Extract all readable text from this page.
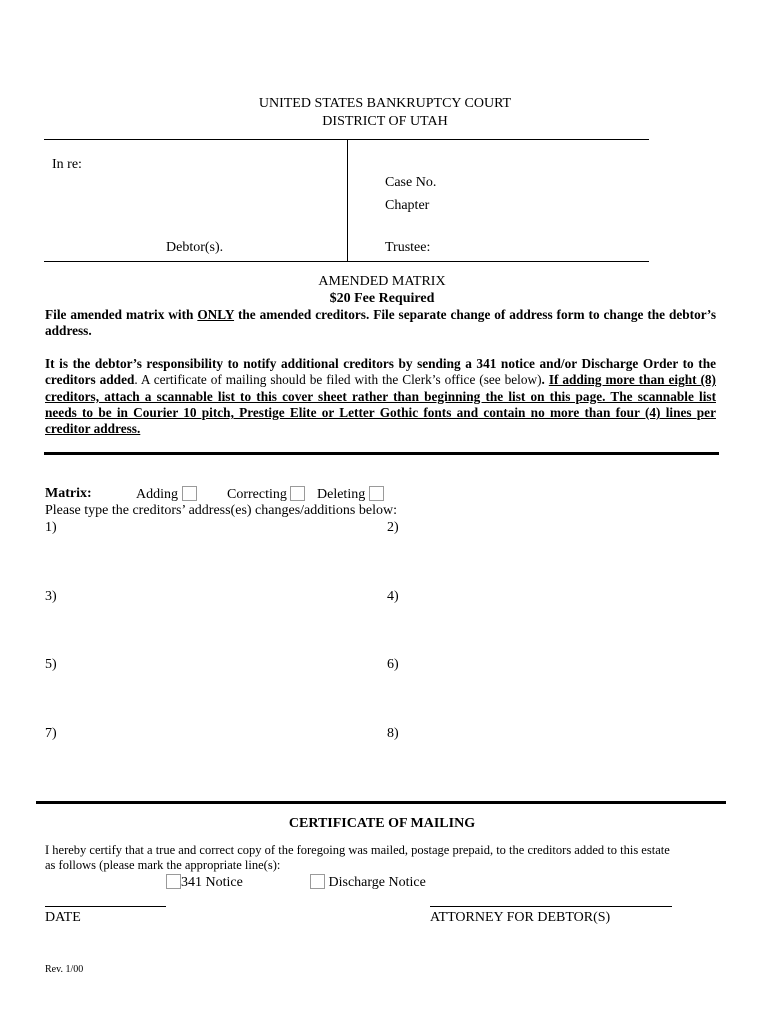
UNITED STATES BANKRUPTCY COURT
DISTRICT OF UTAH
In re:
Case No.
Chapter
Debtor(s).	Trustee:
AMENDED MATRIX
$20 Fee Required
File amended matrix with ONLY the amended creditors. File separate change of address form to change the debtor’s address.
It is the debtor’s responsibility to notify additional creditors by sending a 341 notice and/or Discharge Order to the creditors added. A certificate of mailing should be filed with the Clerk’s office (see below). If adding more than eight (8) creditors, attach a scannable list to this cover sheet rather than beginning the list on this page. The scannable list needs to be in Courier 10 pitch, Prestige Elite or Letter Gothic fonts and contain no more than four (4) lines per creditor address.
Matrix:	Adding	Correcting	Deleting
Please type the creditors’ address(es) changes/additions below:
1)	2)
3)	4)
5)	6)
7)	8)
CERTIFICATE OF MAILING
I hereby certify that a true and correct copy of the foregoing was mailed, postage prepaid, to the creditors added to this estate
as follows (please mark the appropriate line(s):
341 Notice	Discharge Notice
DATE	ATTORNEY FOR DEBTOR(S)
Rev. 1/00
